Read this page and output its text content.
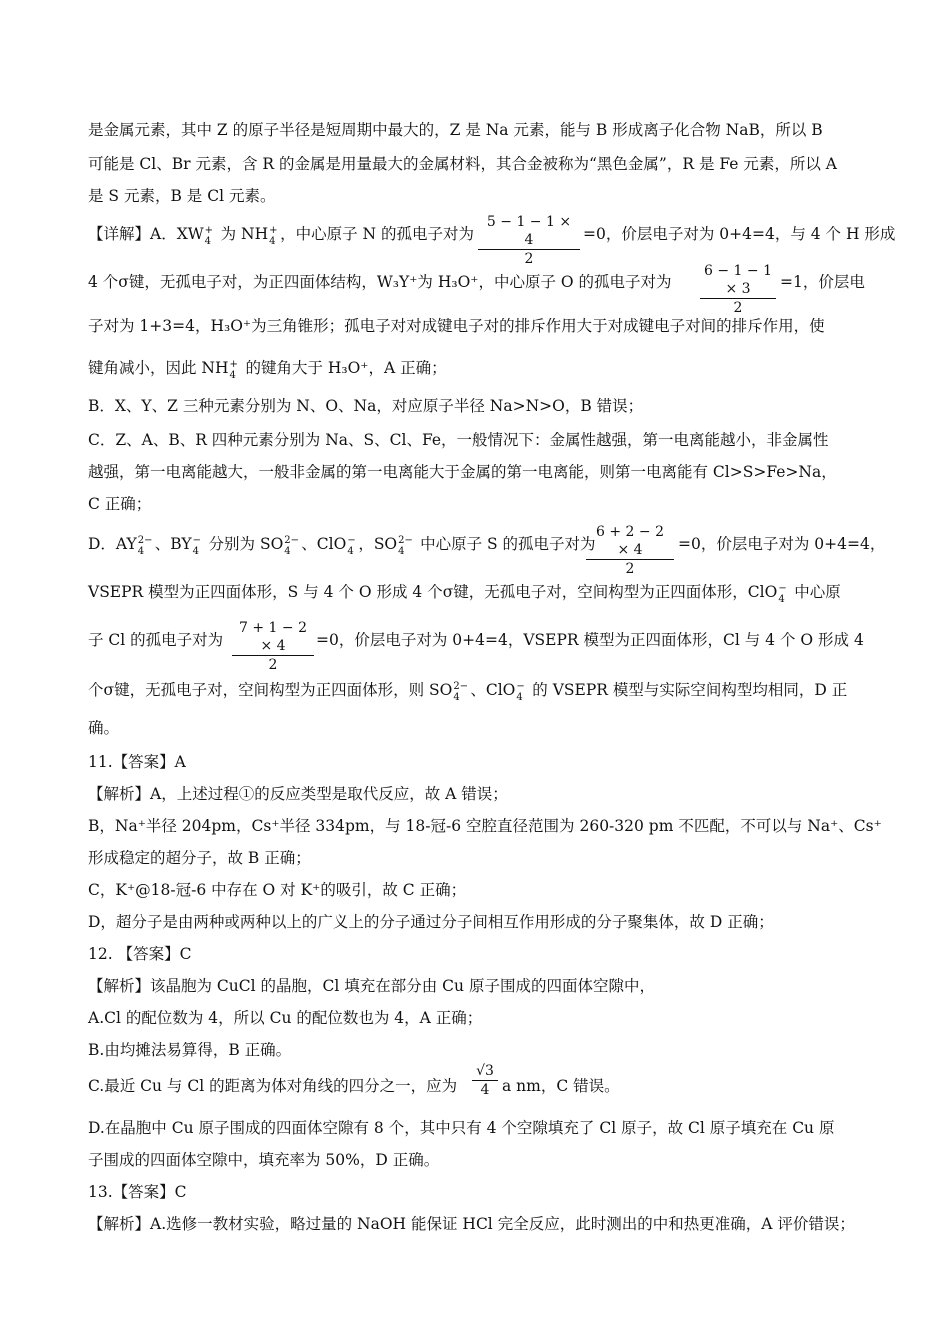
是金属元素，其中 Z 的原子半径是短周期中最大的，Z 是 Na 元素，能与 B 形成离子化合物 NaB，所以 B
可能是 Cl、Br 元素，含 R 的金属是用量最大的金属材料，其合金被称为“黑色金属”，R 是 Fe 元素，所以 A
是 S 元素，B 是 Cl 元素。
【详解】A．XW +
4 为 NH +
4 ，中心原子 N 的孤电子对为 $\frac{5 - 1 - 1 \times 4}{2} =0$，价层电子对为 0+4=4，与 4 个 H 形成
4 个σ键，无孤电子对，为正四面体结构，W₃Y⁺为 H₃O⁺，中心原子 O 的孤电子对为 $\frac{6 - 1 - 1 \times 3}{2} =1$，价层电
子对为 1+3=4，H₃O⁺为三角锥形；孤电子对对成键电子对的排斥作用大于对成键电子对间的排斥作用，使
键角减小，因此 NH +
4 的键角大于 H₃O⁺，A 正确；
B．X、Y、Z 三种元素分别为 N、O、Na，对应原子半径 Na>N>O，B 错误；
C．Z、A、B、R 四种元素分别为 Na、S、Cl、Fe，一般情况下：金属性越强，第一电离能越小，非金属性
越强，第一电离能越大，一般非金属的第一电离能大于金属的第一电离能，则第一电离能有 Cl>S>Fe>Na，
C 正确；
D．AY 2−
4 、BY −
4 分别为 SO 2−
4 、ClO −
4 ，SO 2−
4 中心原子 S 的孤电子对为
$\frac{6 + 2 - 2 \times 4}{2} =0$，价层电子对为 0+4=4，
VSEPR 模型为正四面体形，S 与 4 个 O 形成 4 个σ键，无孤电子对，空间构型为正四面体形，ClO −
4 中心原
子 Cl 的孤电子对为 $\frac{7 + 1 - 2 \times 4}{2} =0$，价层电子对为 0+4=4，VSEPR 模型为正四面体形，Cl 与 4 个 O 形成 4
个σ键，无孤电子对，空间构型为正四面体形，则 SO 2−
4 、ClO −
4 的 VSEPR 模型与实际空间构型均相同，D 正
确。
11.【答案】A
【解析】A，上述过程①的反应类型是取代反应，故 A 错误；
B，Na⁺半径 204pm，Cs⁺半径 334pm，与 18-冠-6 空腔直径范围为 260-320 pm 不匹配，不可以与 Na⁺、Cs⁺
形成稳定的超分子，故 B 正确；
C，K⁺@18-冠-6 中存在 O 对 K⁺的吸引，故 C 正确；
D，超分子是由两种或两种以上的广义上的分子通过分子间相互作用形成的分子聚集体，故 D 正确；
12. 【答案】C
【解析】该晶胞为 CuCl 的晶胞，Cl 填充在部分由 Cu 原子围成的四面体空隙中，
A.Cl 的配位数为 4，所以 Cu 的配位数也为 4，A 正确；
B.由均摊法易算得，B 正确。
C.最近 Cu 与 Cl 的距离为体对角线的四分之一，应为 $\frac{√3}{4}$ a nm，C 错误。
D.在晶胞中 Cu 原子围成的四面体空隙有 8 个，其中只有 4 个空隙填充了 Cl 原子，故 Cl 原子填充在 Cu 原
子围成的四面体空隙中，填充率为 50%，D 正确。
13.【答案】C
【解析】A.选修一教材实验，略过量的 NaOH 能保证 HCl 完全反应，此时测出的中和热更准确，A 评价错误；
